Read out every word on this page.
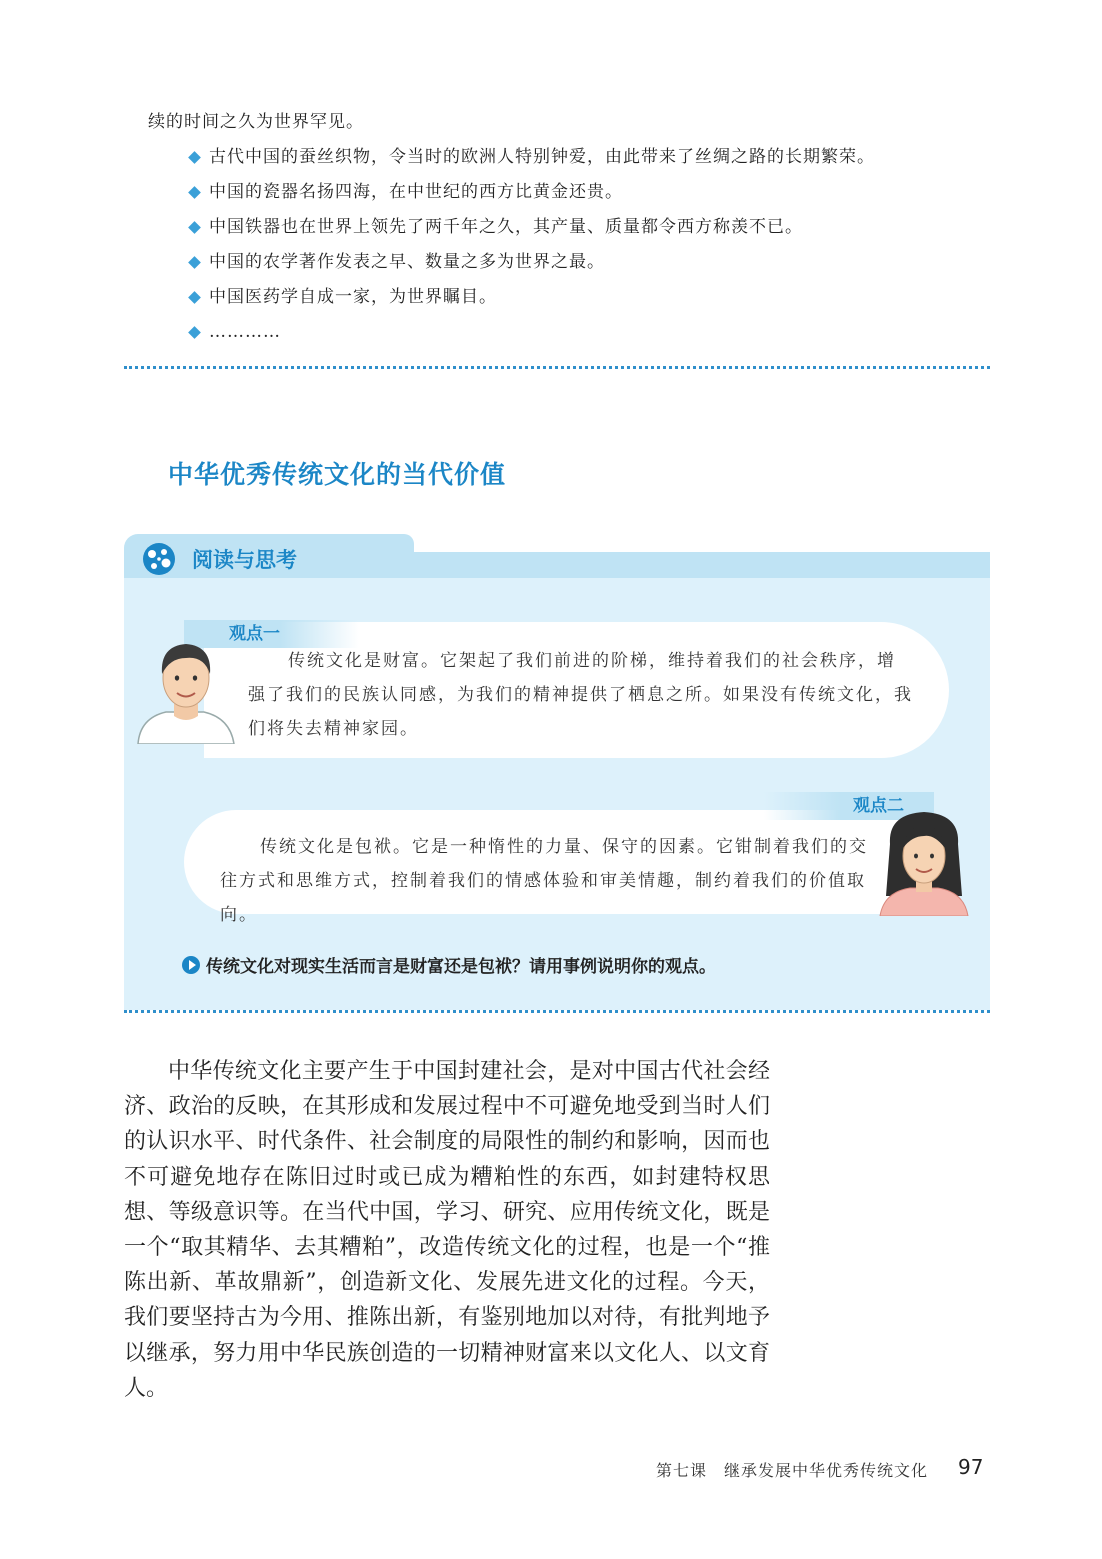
续的时间之久为世界罕见。
古代中国的蚕丝织物，令当时的欧洲人特别钟爱，由此带来了丝绸之路的长期繁荣。
中国的瓷器名扬四海，在中世纪的西方比黄金还贵。
中国铁器也在世界上领先了两千年之久，其产量、质量都令西方称羡不已。
中国的农学著作发表之早、数量之多为世界之最。
中国医药学自成一家，为世界瞩目。
…………
中华优秀传统文化的当代价值
阅读与思考
观点一
传统文化是财富。它架起了我们前进的阶梯，维持着我们的社会秩序，增强了我们的民族认同感，为我们的精神提供了栖息之所。如果没有传统文化，我们将失去精神家园。
观点二
传统文化是包袱。它是一种惰性的力量、保守的因素。它钳制着我们的交往方式和思维方式，控制着我们的情感体验和审美情趣，制约着我们的价值取向。
传统文化对现实生活而言是财富还是包袱？请用事例说明你的观点。
中华传统文化主要产生于中国封建社会，是对中国古代社会经济、政治的反映，在其形成和发展过程中不可避免地受到当时人们的认识水平、时代条件、社会制度的局限性的制约和影响，因而也不可避免地存在陈旧过时或已成为糟粕性的东西，如封建特权思想、等级意识等。在当代中国，学习、研究、应用传统文化，既是一个“取其精华、去其糟粕”，改造传统文化的过程，也是一个“推陈出新、革故鼎新”，创造新文化、发展先进文化的过程。今天，我们要坚持古为今用、推陈出新，有鉴别地加以对待，有批判地予以继承，努力用中华民族创造的一切精神财富来以文化人、以文育人。
第七课　继承发展中华优秀传统文化 97
